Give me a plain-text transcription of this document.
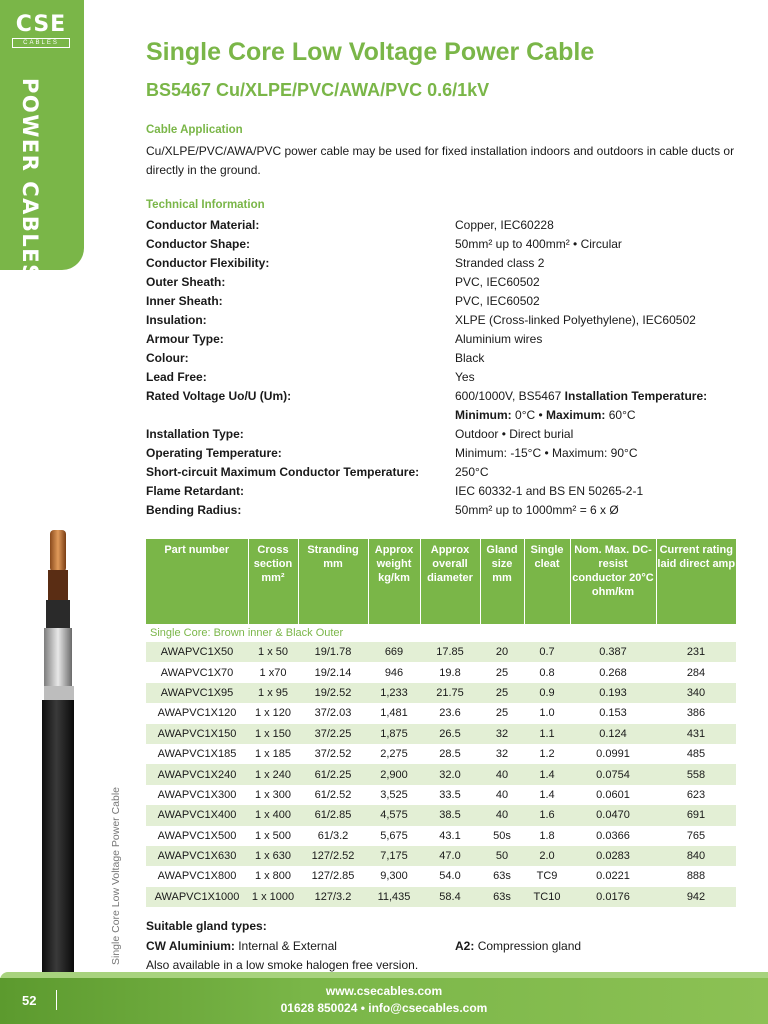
CSE
CABLES
POWER CABLES
Single Core Low Voltage Power Cable
Single Core Low Voltage Power Cable
BS5467 Cu/XLPE/PVC/AWA/PVC 0.6/1kV
Cable Application

Cu/XLPE/PVC/AWA/PVC power cable may be used for fixed installation indoors and outdoors in cable ducts or directly in the ground.

Technical Information
Conductor Material:	Copper, IEC60228
Conductor Shape:	50mm² up to 400mm² • Circular
Conductor Flexibility:	Stranded class 2
Outer Sheath:	PVC, IEC60502
Inner Sheath:	PVC, IEC60502
Insulation:	XLPE (Cross-linked Polyethylene), IEC60502
Armour Type:	Aluminium wires
Colour:	Black
Lead Free:	Yes
Rated Voltage Uo/U (Um):	600/1000V, BS5467 Installation Temperature:
Minimum: 0°C • Maximum: 60°C
Installation Type:	Outdoor • Direct burial
Operating Temperature:	Minimum: -15°C • Maximum: 90°C
Short-circuit Maximum Conductor Temperature:	250°C
Flame Retardant:	IEC 60332-1 and BS EN 50265-2-1
Bending Radius:	50mm² up to 1000mm² = 6 x Ø
Part number	Cross section mm²	Stranding mm	Approx weight kg/km	Approx overall diameter	Gland size mm	Single cleat	Nom. Max. DC-resist conductor 20°C ohm/km	Current rating laid direct amp
Single Core: Brown inner & Black Outer								
AWAPVC1X50	1 x 50	19/1.78	669	17.85	20	0.7	0.387	231
AWAPVC1X70	1 x70	19/2.14	946	19.8	25	0.8	0.268	284
AWAPVC1X95	1 x 95	19/2.52	1,233	21.75	25	0.9	0.193	340
AWAPVC1X120	1 x 120	37/2.03	1,481	23.6	25	1.0	0.153	386
AWAPVC1X150	1 x 150	37/2.25	1,875	26.5	32	1.1	0.124	431
AWAPVC1X185	1 x 185	37/2.52	2,275	28.5	32	1.2	0.0991	485
AWAPVC1X240	1 x 240	61/2.25	2,900	32.0	40	1.4	0.0754	558
AWAPVC1X300	1 x 300	61/2.52	3,525	33.5	40	1.4	0.0601	623
AWAPVC1X400	1 x 400	61/2.85	4,575	38.5	40	1.6	0.0470	691
AWAPVC1X500	1 x 500	61/3.2	5,675	43.1	50s	1.8	0.0366	765
AWAPVC1X630	1 x 630	127/2.52	7,175	47.0	50	2.0	0.0283	840
AWAPVC1X800	1 x 800	127/2.85	9,300	54.0	63s	TC9	0.0221	888
AWAPVC1X1000	1 x 1000	127/3.2	11,435	58.4	63s	TC10	0.0176	942
Suitable gland types:
CW Aluminium: Internal & External	A2: Compression gland
Also available in a low smoke halogen free version.
52
www.csecables.com
01628 850024 • info@csecables.com
